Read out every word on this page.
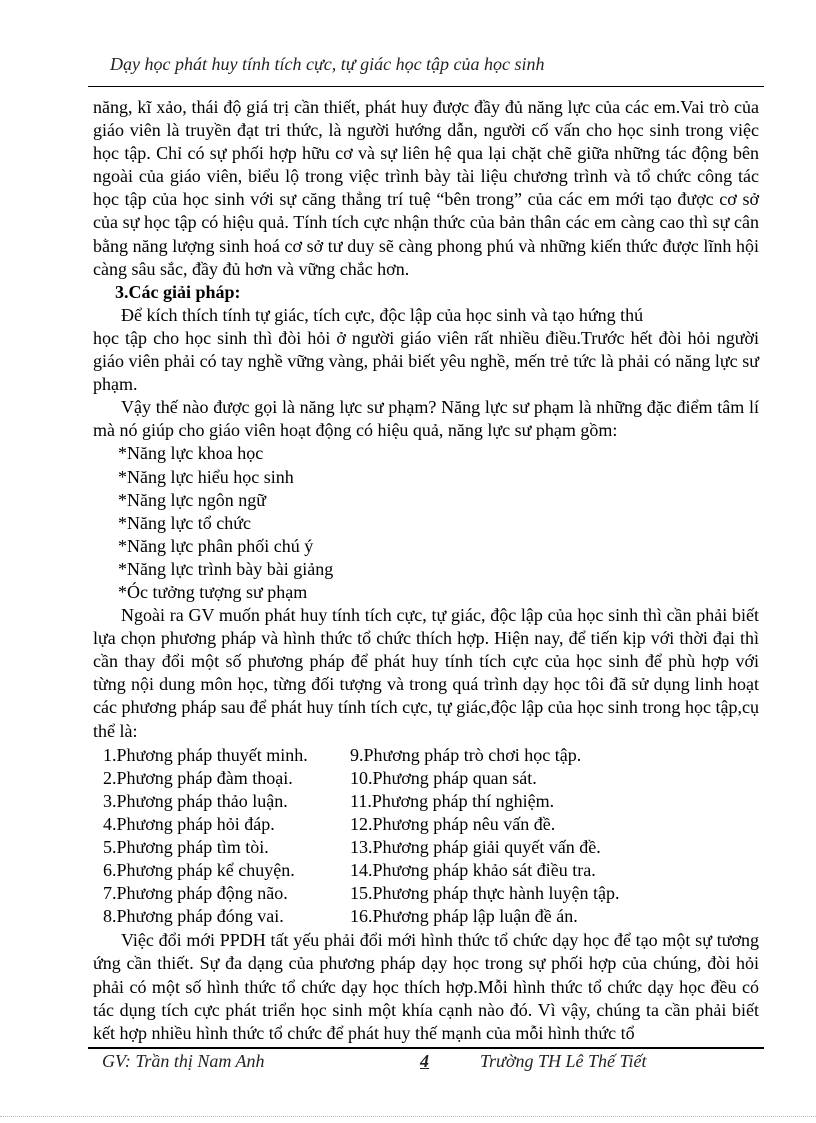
Dạy học phát huy tính tích cực, tự giác học tập của học sinh

năng, kĩ xảo, thái độ giá trị cần thiết, phát huy được đầy đủ năng lực của các em.Vai trò của giáo viên là truyền đạt tri thức, là người hướng dẫn, người cố vấn cho học sinh trong việc học tập. Chỉ có sự phối hợp hữu cơ và sự liên hệ qua lại chặt chẽ giữa những tác động bên ngoài của giáo viên, biểu lộ trong việc trình bày tài liệu chương trình và tổ chức công tác học tập của học sinh với sự căng thẳng trí tuệ “bên trong” của các em mới tạo được cơ sở của sự học tập có hiệu quả. Tính tích cực nhận thức của bản thân các em càng cao thì sự cân bằng năng lượng sinh hoá cơ sở tư duy sẽ càng phong phú và những kiến thức được lĩnh hội càng sâu sắc, đầy đủ hơn và vững chắc hơn.

3.Các giải pháp:

Để kích thích tính tự giác, tích cực, độc lập của học sinh và tạo hứng thú

học tập cho học sinh thì đòi hỏi ở người giáo viên rất nhiều điều.Trước hết đòi hỏi người giáo viên phải có tay nghề vững vàng, phải biết yêu nghề, mến trẻ tức là phải có năng lực sư phạm.

Vậy thế nào được gọi là năng lực sư phạm? Năng lực sư phạm là những đặc điểm tâm lí mà nó giúp cho giáo viên hoạt động có hiệu quả, năng lực sư phạm gồm:

*Năng lực khoa học

*Năng lực hiểu học sinh

*Năng lực ngôn ngữ

*Năng lực tổ chức

*Năng lực phân phối chú ý

*Năng lực trình bày bài giảng

*Óc tưởng tượng sư phạm

Ngoài ra GV muốn phát huy tính tích cực, tự giác, độc lập của học sinh thì cần phải biết lựa chọn phương pháp và hình thức tổ chức thích hợp. Hiện nay, để tiến kịp với thời đại thì cần thay đổi một số phương pháp để phát huy tính tích cực của học sinh để phù hợp với từng nội dung môn học, từng đối tượng và trong quá trình dạy học tôi đã sử dụng linh hoạt các phương pháp sau để phát huy tính tích cực, tự giác,độc lập của học sinh trong học tập,cụ thể là:

1.Phương pháp thuyết minh.	9.Phương pháp trò chơi học tập.
2.Phương pháp đàm thoại.	10.Phương pháp quan sát.
3.Phương pháp thảo luận.	11.Phương pháp thí nghiệm.
4.Phương pháp hỏi đáp.	12.Phương pháp nêu vấn đề.
5.Phương pháp tìm tòi.	13.Phương pháp giải quyết vấn đề.
6.Phương pháp kể chuyện.	14.Phương pháp khảo sát điều tra.
7.Phương pháp động não.	15.Phương pháp thực hành luyện tập.
8.Phương pháp đóng vai.	16.Phương pháp lập luận đề án.

Việc đổi mới PPDH tất yếu phải đổi mới hình thức tổ chức dạy học để tạo một sự tương ứng cần thiết. Sự đa dạng của phương pháp dạy học trong sự phối hợp của chúng, đòi hỏi phải có một số hình thức tổ chức dạy học thích hợp.Mỗi hình thức tổ chức dạy học đều có tác dụng tích cực phát triển học sinh một khía cạnh nào đó. Vì vậy, chúng ta cần phải biết kết hợp nhiều hình thức tổ chức để phát huy thế mạnh của mỗi hình thức tổ

GV: Trần thị Nam Anh	4	Trường TH Lê Thế Tiết
